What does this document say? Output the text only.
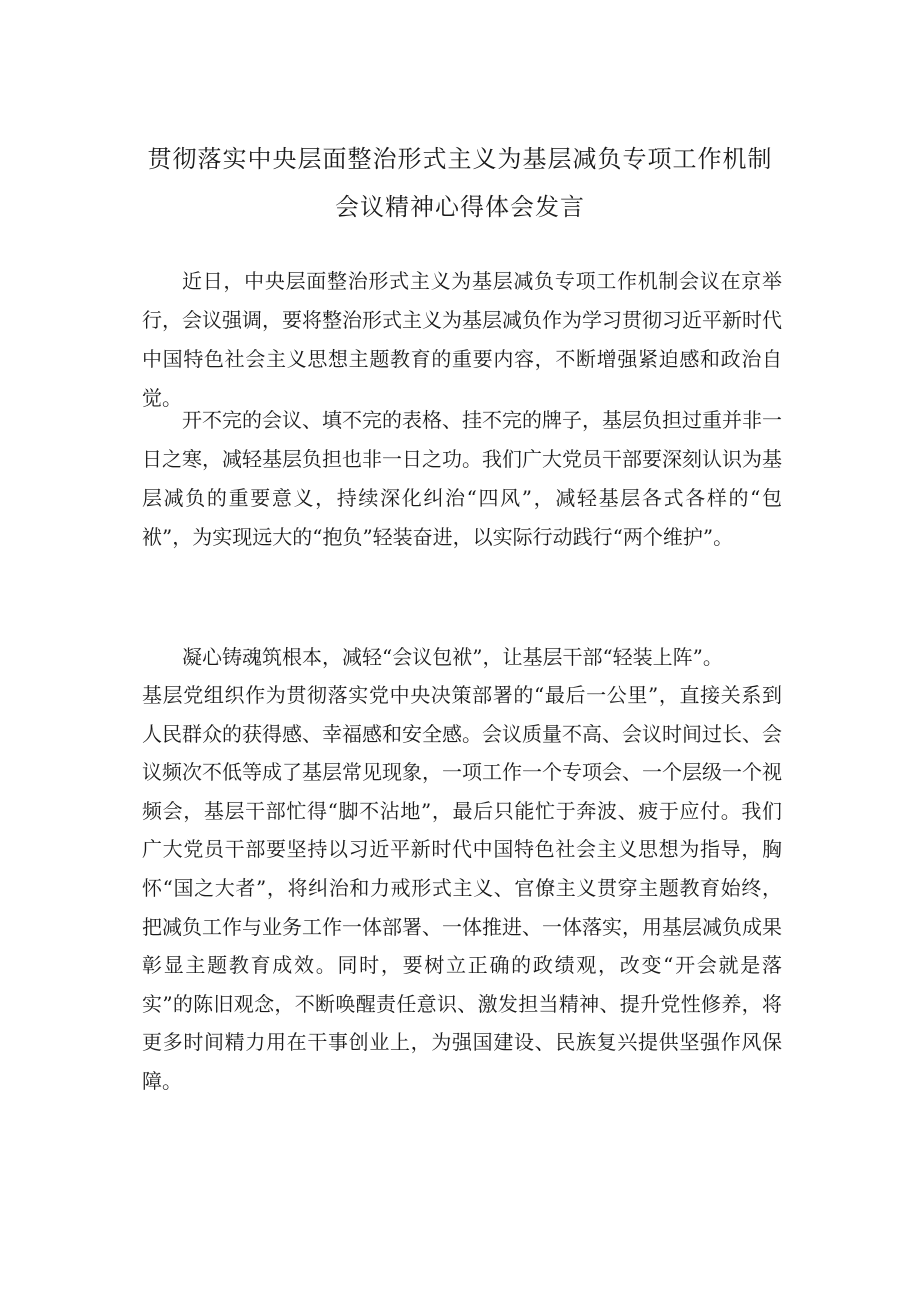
贯彻落实中央层面整治形式主义为基层减负专项工作机制
会议精神心得体会发言

近日，中央层面整治形式主义为基层减负专项工作机制会议在京举行，会议强调，要将整治形式主义为基层减负作为学习贯彻习近平新时代中国特色社会主义思想主题教育的重要内容，不断增强紧迫感和政治自觉。

开不完的会议、填不完的表格、挂不完的牌子，基层负担过重并非一日之寒，减轻基层负担也非一日之功。我们广大党员干部要深刻认识为基层减负的重要意义，持续深化纠治“四风”，减轻基层各式各样的“包袱”，为实现远大的“抱负”轻装奋进，以实际行动践行“两个维护”。

凝心铸魂筑根本，减轻“会议包袱”，让基层干部“轻装上阵”。

基层党组织作为贯彻落实党中央决策部署的“最后一公里”，直接关系到人民群众的获得感、幸福感和安全感。会议质量不高、会议时间过长、会议频次不低等成了基层常见现象，一项工作一个专项会、一个层级一个视频会，基层干部忙得“脚不沾地”，最后只能忙于奔波、疲于应付。我们广大党员干部要坚持以习近平新时代中国特色社会主义思想为指导，胸怀“国之大者”，将纠治和力戒形式主义、官僚主义贯穿主题教育始终，把减负工作与业务工作一体部署、一体推进、一体落实，用基层减负成果彰显主题教育成效。同时，要树立正确的政绩观，改变“开会就是落实”的陈旧观念，不断唤醒责任意识、激发担当精神、提升党性修养，将更多时间精力用在干事创业上，为强国建设、民族复兴提供坚强作风保障。
